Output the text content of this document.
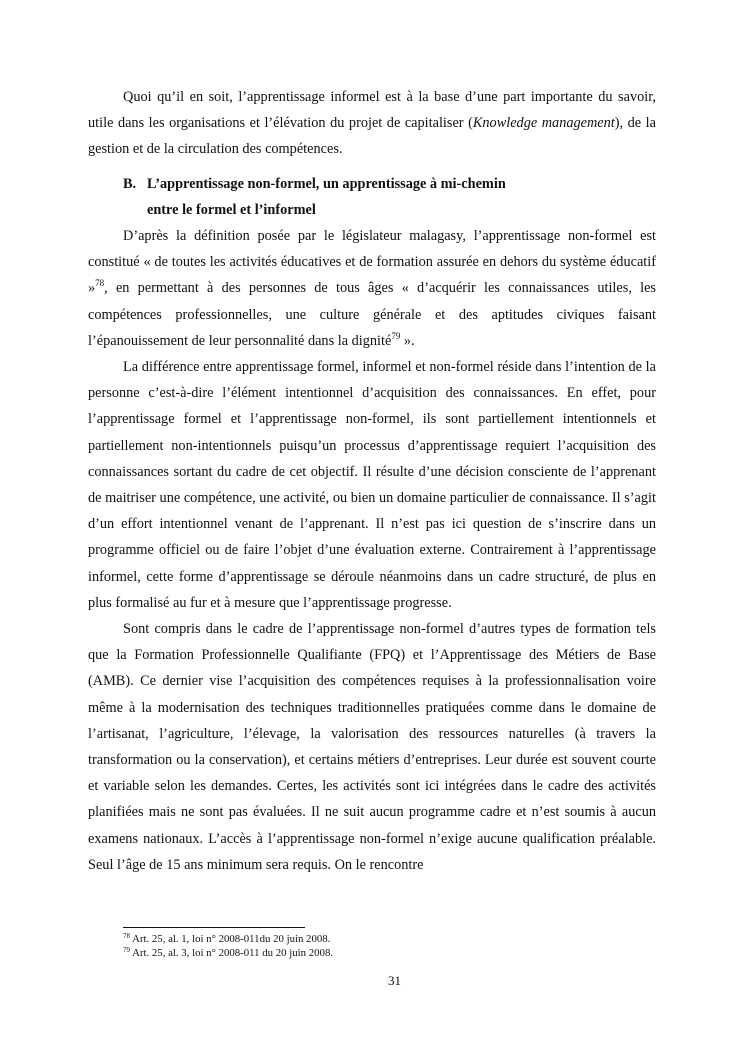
Quoi qu’il en soit, l’apprentissage informel est à la base d’une part importante du savoir, utile dans les organisations et l’élévation du projet de capitaliser (Knowledge management), de la gestion et de la circulation des compétences.

B. L’apprentissage non-formel, un apprentissage à mi-chemin
entre le formel et l’informel

D’après la définition posée par le législateur malagasy, l’apprentissage non-formel est constitué « de toutes les activités éducatives et de formation assurée en dehors du système éducatif »$^{78}$, en permettant à des personnes de tous âges « d’acquérir les connaissances utiles, les compétences professionnelles, une culture générale et des aptitudes civiques faisant l’épanouissement de leur personnalité dans la dignité$^{79}$ ».

La différence entre apprentissage formel, informel et non-formel réside dans l’intention de la personne c’est-à-dire l’élément intentionnel d’acquisition des connaissances. En effet, pour l’apprentissage formel et l’apprentissage non-formel, ils sont partiellement intentionnels et partiellement non-intentionnels puisqu’un processus d’apprentissage requiert l’acquisition des connaissances sortant du cadre de cet objectif. Il résulte d’une décision consciente de l’apprenant de maitriser une compétence, une activité, ou bien un domaine particulier de connaissance. Il s’agit d’un effort intentionnel venant de l’apprenant. Il n’est pas ici question de s’inscrire dans un programme officiel ou de faire l’objet d’une évaluation externe. Contrairement à l’apprentissage informel, cette forme d’apprentissage se déroule néanmoins dans un cadre structuré, de plus en plus formalisé au fur et à mesure que l’apprentissage progresse.

Sont compris dans le cadre de l’apprentissage non-formel d’autres types de formation tels que la Formation Professionnelle Qualifiante (FPQ) et l’Apprentissage des Métiers de Base (AMB). Ce dernier vise l’acquisition des compétences requises à la professionnalisation voire même à la modernisation des techniques traditionnelles pratiquées comme dans le domaine de l’artisanat, l’agriculture, l’élevage, la valorisation des ressources naturelles (à travers la transformation ou la conservation), et certains métiers d’entreprises. Leur durée est souvent courte et variable selon les demandes. Certes, les activités sont ici intégrées dans le cadre des activités planifiées mais ne sont pas évaluées. Il ne suit aucun programme cadre et n’est soumis à aucun examens nationaux. L’accès à l’apprentissage non-formel n’exige aucune qualification préalable. Seul l’âge de 15 ans minimum sera requis. On le rencontre

$^{78}$ Art. 25, al. 1, loi n° 2008-011du 20 juin 2008.
$^{79}$ Art. 25, al. 3, loi n° 2008-011 du 20 juin 2008.
31
